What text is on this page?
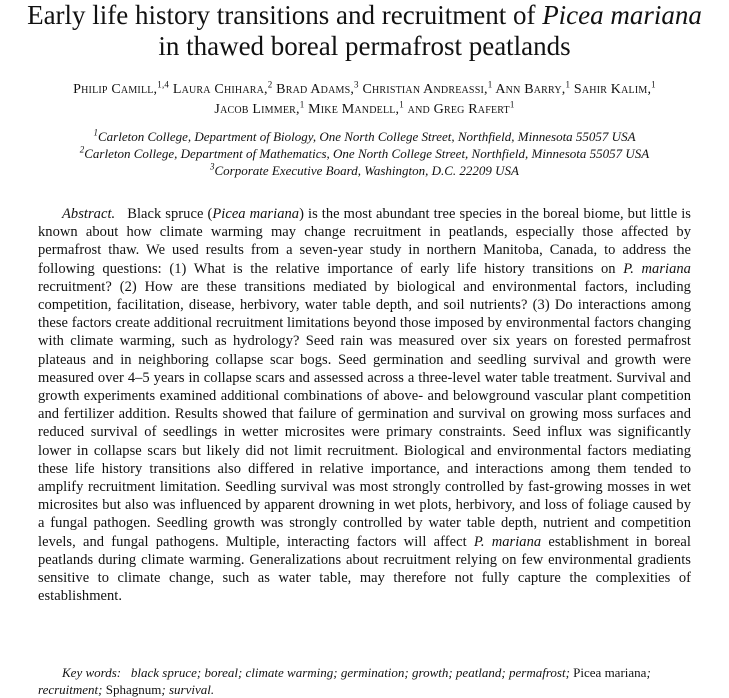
Early life history transitions and recruitment of Picea mariana
in thawed boreal permafrost peatlands
Philip Camill,$^{1,4}$ Laura Chihara,$^2$ Brad Adams,$^3$ Christian Andreassi,$^1$ Ann Barry,$^1$ Sahir Kalim,$^1$
Jacob Limmer,$^1$ Mike Mandell,$^1$ and Greg Rafert$^1$
$^1$Carleton College, Department of Biology, One North College Street, Northfield, Minnesota 55057 USA
$^2$Carleton College, Department of Mathematics, One North College Street, Northfield, Minnesota 55057 USA
$^3$Corporate Executive Board, Washington, D.C. 22209 USA

Abstract. Black spruce (Picea mariana) is the most abundant tree species in the boreal biome, but little is known about how climate warming may change recruitment in peatlands, especially those affected by permafrost thaw. We used results from a seven-year study in northern Manitoba, Canada, to address the following questions: (1) What is the relative importance of early life history transitions on P. mariana recruitment? (2) How are these transitions mediated by biological and environmental factors, including competition, facilitation, disease, herbivory, water table depth, and soil nutrients? (3) Do interactions among these factors create additional recruitment limitations beyond those imposed by environmental factors changing with climate warming, such as hydrology? Seed rain was measured over six years on forested permafrost plateaus and in neighboring collapse scar bogs. Seed germination and seedling survival and growth were measured over 4–5 years in collapse scars and assessed across a three-level water table treatment. Survival and growth experiments examined additional combinations of above- and belowground vascular plant competition and fertilizer addition. Results showed that failure of germination and survival on growing moss surfaces and reduced survival of seedlings in wetter microsites were primary constraints. Seed influx was significantly lower in collapse scars but likely did not limit recruitment. Biological and environmental factors mediating these life history transitions also differed in relative importance, and interactions among them tended to amplify recruitment limitation. Seedling survival was most strongly controlled by fast-growing mosses in wet microsites but also was influenced by apparent drowning in wet plots, herbivory, and loss of foliage caused by a fungal pathogen. Seedling growth was strongly controlled by water table depth, nutrient and competition levels, and fungal pathogens. Multiple, interacting factors will affect P. mariana establishment in boreal peatlands during climate warming. Generalizations about recruitment relying on few environmental gradients sensitive to climate change, such as water table, may therefore not fully capture the complexities of establishment.

Key words: black spruce; boreal; climate warming; germination; growth; peatland; permafrost; Picea mariana; recruitment; Sphagnum; survival.
